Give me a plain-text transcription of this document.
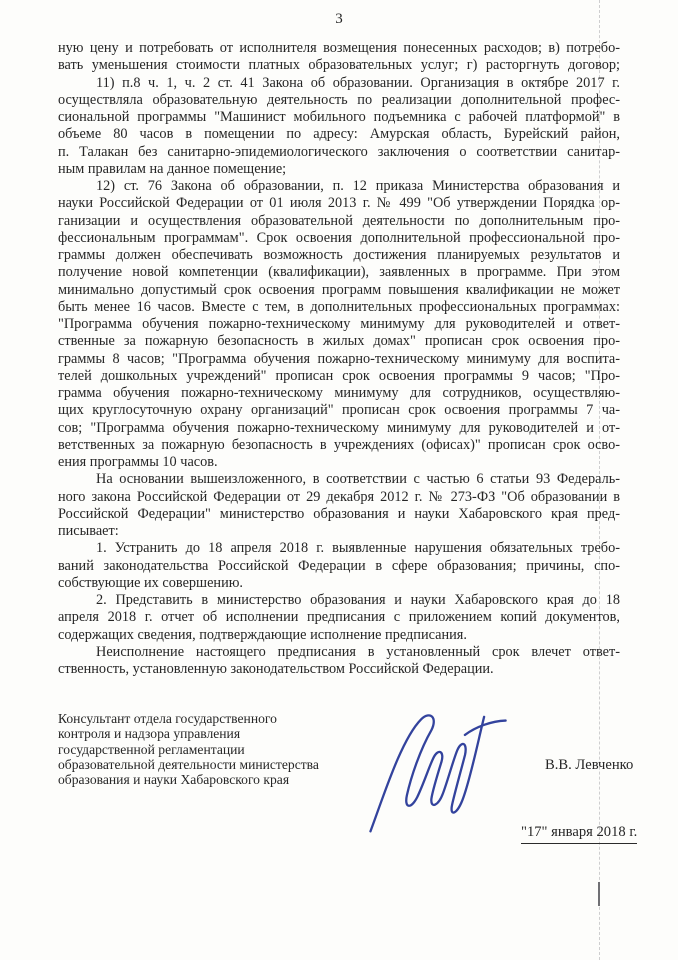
3
ную цену и потребовать от исполнителя возмещения понесенных расходов; в) потребо-
вать уменьшения стоимости платных образовательных услуг; г) расторгнуть договор;
11) п.8 ч. 1, ч. 2 ст. 41 Закона об образовании. Организация в октябре 2017 г.
осуществляла образовательную деятельность по реализации дополнительной профес-
сиональной программы "Машинист мобильного подъемника с рабочей платформой" в
объеме 80 часов в помещении по адресу: Амурская область, Бурейский район,
п. Талакан без санитарно-эпидемиологического заключения о соответствии санитар-
ным правилам на данное помещение;
12) ст. 76 Закона об образовании, п. 12 приказа Министерства образования и
науки Российской Федерации от 01 июля 2013 г. № 499 "Об утверждении Порядка ор-
ганизации и осуществления образовательной деятельности по дополнительным про-
фессиональным программам". Срок освоения дополнительной профессиональной про-
граммы должен обеспечивать возможность достижения планируемых результатов и
получение новой компетенции (квалификации), заявленных в программе. При этом
минимально допустимый срок освоения программ повышения квалификации не может
быть менее 16 часов. Вместе с тем, в дополнительных профессиональных программах:
"Программа обучения пожарно-техническому минимуму для руководителей и ответ-
ственные за пожарную безопасность в жилых домах" прописан срок освоения про-
граммы 8 часов; "Программа обучения пожарно-техническому минимуму для воспита-
телей дошкольных учреждений" прописан срок освоения программы 9 часов; "Про-
грамма обучения пожарно-техническому минимуму для сотрудников, осуществляю-
щих круглосуточную охрану организаций" прописан срок освоения программы 7 ча-
сов; "Программа обучения пожарно-техническому минимуму для руководителей и от-
ветственных за пожарную безопасность в учреждениях (офисах)" прописан срок осво-
ения программы 10 часов.
На основании вышеизложенного, в соответствии с частью 6 статьи 93 Федераль-
ного закона Российской Федерации от 29 декабря 2012 г. № 273-ФЗ "Об образовании в
Российской Федерации" министерство образования и науки Хабаровского края пред-
писывает:
1. Устранить до 18 апреля 2018 г. выявленные нарушения обязательных требо-
ваний законодательства Российской Федерации в сфере образования; причины, спо-
собствующие их совершению.
2. Представить в министерство образования и науки Хабаровского края до 18
апреля 2018 г. отчет об исполнении предписания с приложением копий документов,
содержащих сведения, подтверждающие исполнение предписания.
Неисполнение настоящего предписания в установленный срок влечет ответ-
ственность, установленную законодательством Российской Федерации.
Консультант отдела государственного
контроля и надзора управления
государственной регламентации
образовательной деятельности министерства
образования и науки Хабаровского края
В.В. Левченко
"17" января 2018 г.
